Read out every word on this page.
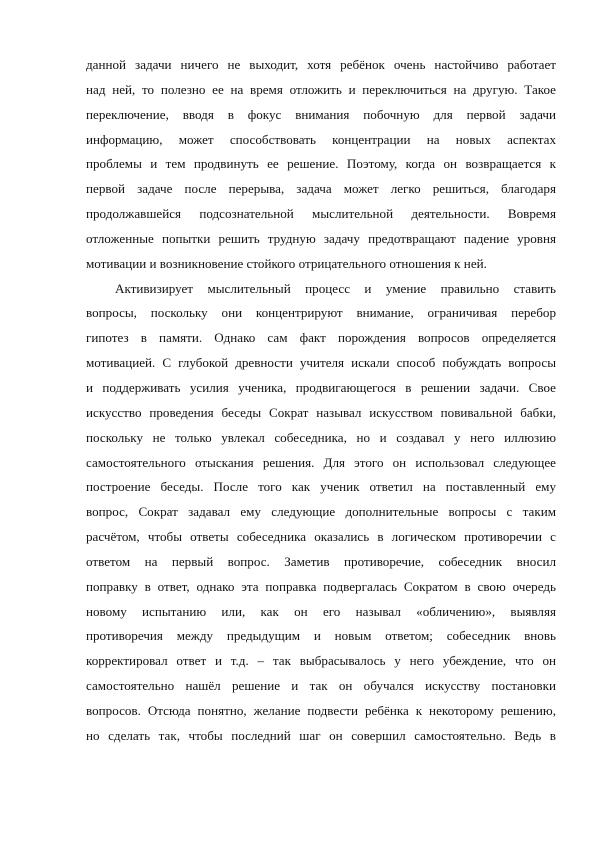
данной задачи ничего не выходит, хотя ребёнок очень настойчиво работает
над ней, то полезно ее на время отложить и переключиться на другую. Такое
переключение, вводя в фокус внимания побочную для первой задачи
информацию, может способствовать концентрации на новых аспектах
проблемы и тем продвинуть ее решение. Поэтому, когда он возвращается к
первой задаче после перерыва, задача может легко решиться, благодаря
продолжавшейся подсознательной мыслительной деятельности. Вовремя
отложенные попытки решить трудную задачу предотвращают падение уровня
мотивации и возникновение стойкого отрицательного отношения к ней.
Активизирует мыслительный процесс и умение правильно ставить
вопросы, поскольку они концентрируют внимание, ограничивая перебор
гипотез в памяти. Однако сам факт порождения вопросов определяется
мотивацией. С глубокой древности учителя искали способ побуждать вопросы
и поддерживать усилия ученика, продвигающегося в решении задачи. Свое
искусство проведения беседы Сократ называл искусством повивальной бабки,
поскольку не только увлекал собеседника, но и создавал у него иллюзию
самостоятельного отыскания решения. Для этого он использовал следующее
построение беседы. После того как ученик ответил на поставленный ему
вопрос, Сократ задавал ему следующие дополнительные вопросы с таким
расчётом, чтобы ответы собеседника оказались в логическом противоречии с
ответом на первый вопрос. Заметив противоречие, собеседник вносил
поправку в ответ, однако эта поправка подвергалась Сократом в свою очередь
новому испытанию или, как он его называл «обличению», выявляя
противоречия между предыдущим и новым ответом; собеседник вновь
корректировал ответ и т.д. – так выбрасывалось у него убеждение, что он
самостоятельно нашёл решение и так он обучался искусству постановки
вопросов. Отсюда понятно, желание подвести ребёнка к некоторому решению,
но сделать так, чтобы последний шаг он совершил самостоятельно. Ведь в
